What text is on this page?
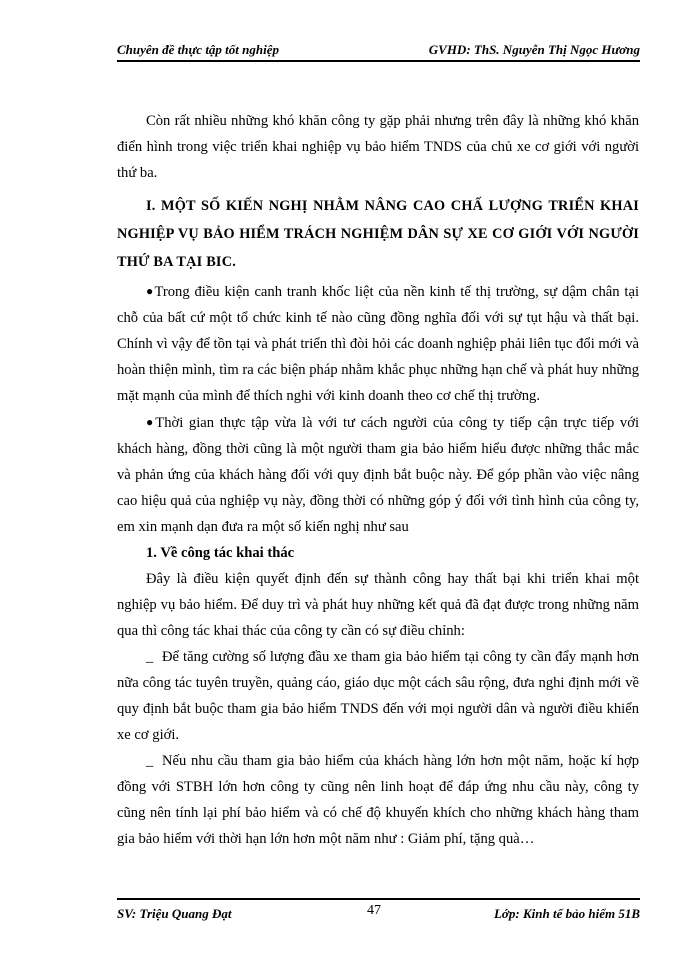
Chuyên đề thực tập tốt nghiệp	GVHD: ThS. Nguyễn Thị Ngọc Hương

Còn rất nhiều những khó khăn công ty gặp phải nhưng trên đây là những khó khăn điển hình trong việc triển khai nghiệp vụ bảo hiểm TNDS của chủ xe cơ giới với người thứ ba.

I. MỘT SỐ KIẾN NGHỊ NHẰM NÂNG CAO CHẤ LƯỢNG TRIỂN KHAI NGHIỆP VỤ BẢO HIỂM TRÁCH NGHIỆM DÂN SỰ XE CƠ GIỚI VỚI NGƯỜI THỨ BA TẠI BIC.

●Trong điều kiện canh tranh khốc liệt của nền kinh tế thị trường, sự dậm chân tại chỗ của bất cứ một tổ chức kinh tế nào cũng đồng nghĩa đối với sự tụt hậu và thất bại. Chính vì vậy để tồn tại và phát triển thì đòi hỏi các doanh nghiệp phải liên tục đổi mới và hoàn thiện mình, tìm ra các biện pháp nhằm khắc phục những hạn chế và phát huy những mặt mạnh của mình để thích nghi với kinh doanh theo cơ chế thị trường.

●Thời gian thực tập vừa là với tư cách người của công ty tiếp cận trực tiếp với khách hàng, đồng thời cũng là một người tham gia bảo hiểm hiểu được những thắc mắc và phản ứng của khách hàng đối với quy định bắt buộc này. Để góp phần vào việc nâng cao hiệu quả của nghiệp vụ này, đồng thời có những góp ý đối với tình hình của công ty, em xin mạnh dạn đưa ra một số kiến nghị như sau

1. Về công tác khai thác

Đây là điều kiện quyết định đến sự thành công hay thất bại khi triển khai một nghiệp vụ bảo hiểm. Để duy trì và phát huy những kết quả đã đạt được trong những năm qua thì công tác khai thác của công ty cần có sự điều chỉnh:

_ Để tăng cường số lượng đầu xe tham gia bảo hiểm tại công ty cần đẩy mạnh hơn nữa công tác tuyên truyền, quảng cáo, giáo dục một cách sâu rộng, đưa nghi định mới về quy định bắt buộc tham gia bảo hiểm TNDS đến với mọi người dân và người điều khiển xe cơ giới.

_ Nếu nhu cầu tham gia bảo hiểm của khách hàng lớn hơn một năm, hoặc kí hợp đồng với STBH lớn hơn công ty cũng nên linh hoạt để đáp ứng nhu cầu này, công ty cũng nên tính lại phí bảo hiểm và có chế độ khuyến khích cho những khách hàng tham gia bảo hiểm với thời hạn lớn hơn một năm như : Giảm phí, tặng quà…

SV: Triệu Quang Đạt	47	Lớp: Kinh tế bảo hiểm 51B
